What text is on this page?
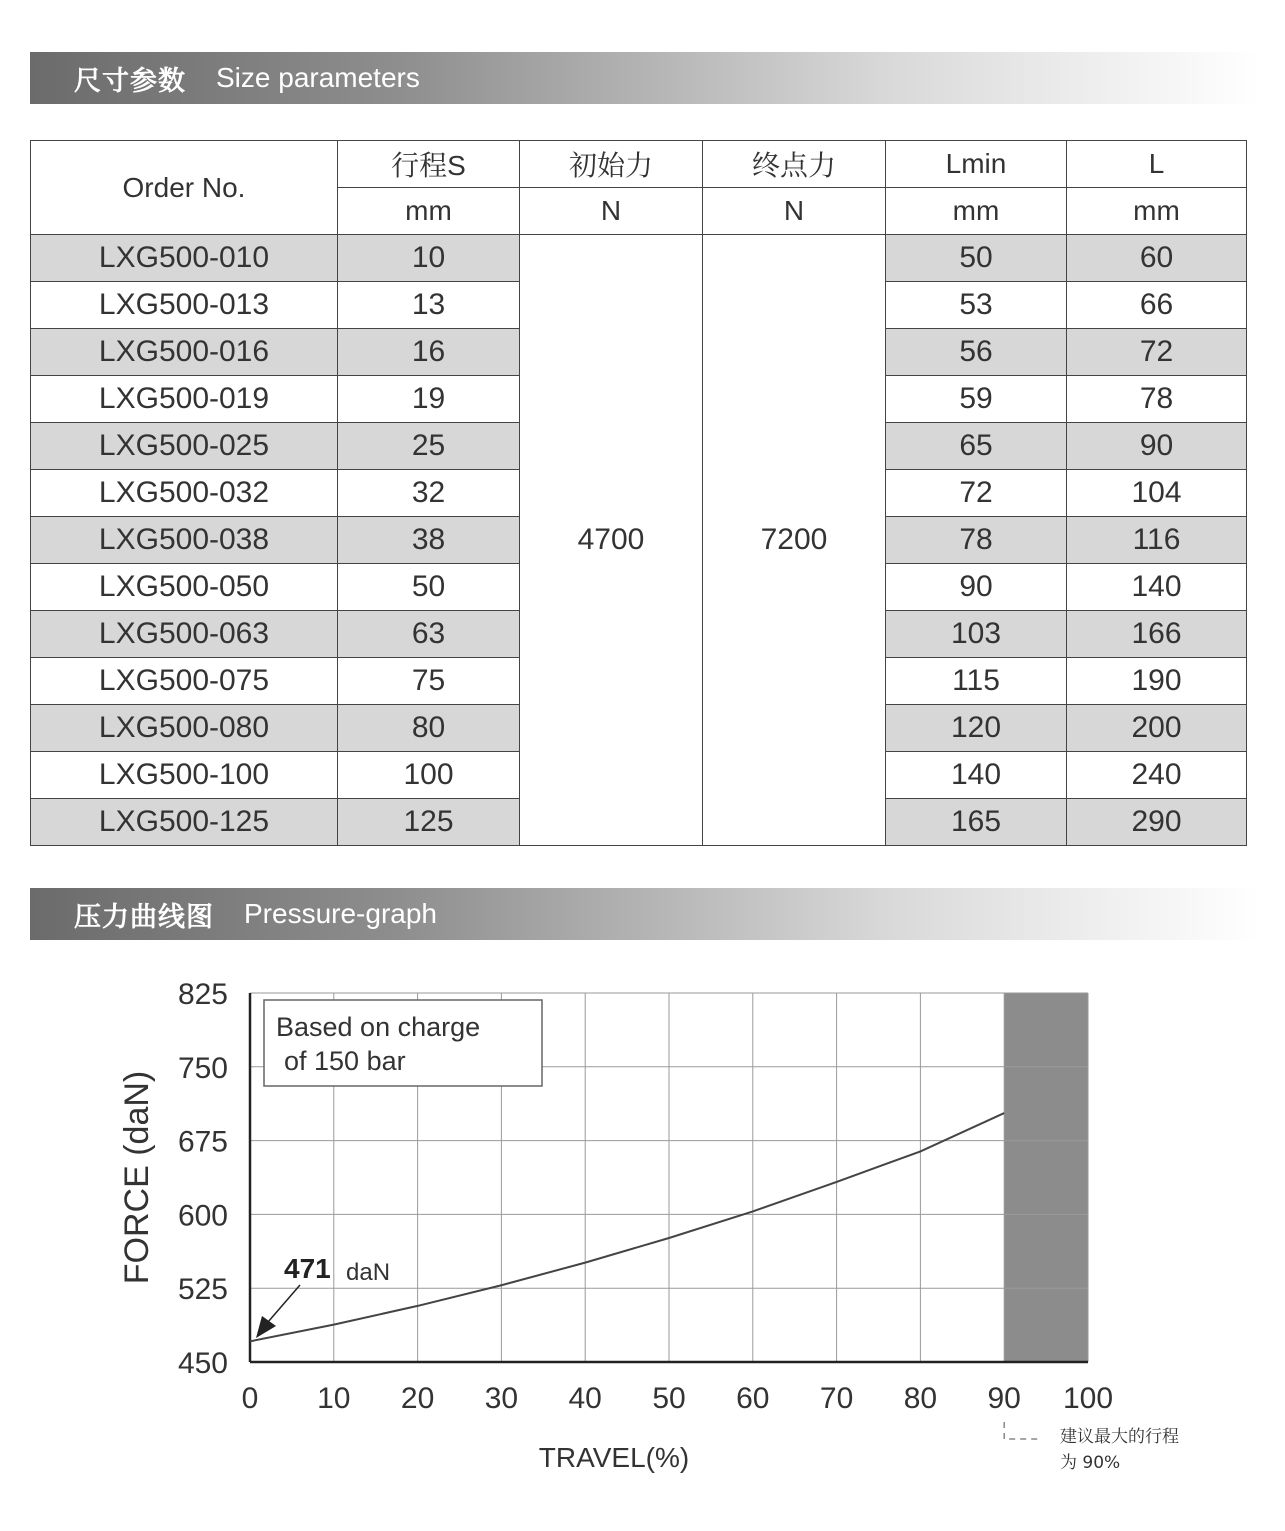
尺寸参数 Size parameters
Order No.	行程S	初始力	终点力	Lmin	L
	mm	N	N	mm	mm
LXG500-010	10	4700	7200	50	60
LXG500-013	13			53	66
LXG500-016	16			56	72
LXG500-019	19			59	78
LXG500-025	25			65	90
LXG500-032	32			72	104
LXG500-038	38			78	116
LXG500-050	50			90	140
LXG500-063	63			103	166
LXG500-075	75			115	190
LXG500-080	80			120	200
LXG500-100	100			140	240
LXG500-125	125			165	290
压力曲线图 Pressure-graph
0 10 20 30 40 50 60 70 80 90 100
450
525
600
675
750
825
TRAVEL(%)
FORCE (daN)
Based on charge
of 150 bar
471 daN
建议最大的行程
为 90%
